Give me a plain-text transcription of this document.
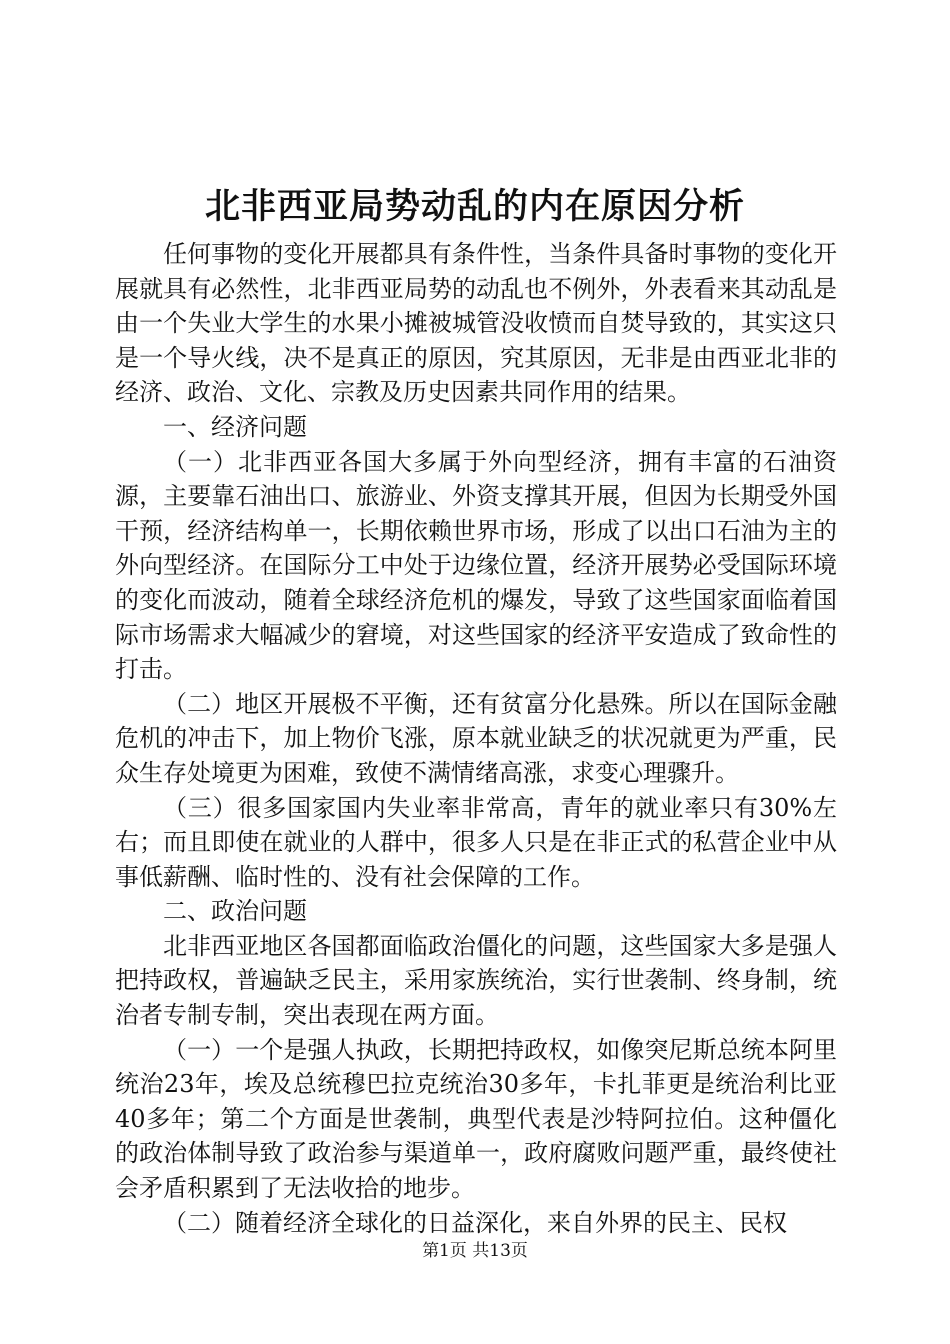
北非西亚局势动乱的内在原因分析

任何事物的变化开展都具有条件性，当条件具备时事物的变化开展就具有必然性，北非西亚局势的动乱也不例外，外表看来其动乱是由一个失业大学生的水果小摊被城管没收愤而自焚导致的，其实这只是一个导火线，决不是真正的原因，究其原因，无非是由西亚北非的经济、政治、文化、宗教及历史因素共同作用的结果。

一、经济问题

（一）北非西亚各国大多属于外向型经济，拥有丰富的石油资源，主要靠石油出口、旅游业、外资支撑其开展，但因为长期受外国干预，经济结构单一，长期依赖世界市场，形成了以出口石油为主的外向型经济。在国际分工中处于边缘位置，经济开展势必受国际环境的变化而波动，随着全球经济危机的爆发，导致了这些国家面临着国际市场需求大幅减少的窘境，对这些国家的经济平安造成了致命性的打击。

（二）地区开展极不平衡，还有贫富分化悬殊。所以在国际金融危机的冲击下，加上物价飞涨，原本就业缺乏的状况就更为严重，民众生存处境更为困难，致使不满情绪高涨，求变心理骤升。

（三）很多国家国内失业率非常高，青年的就业率只有30%左右；而且即使在就业的人群中，很多人只是在非正式的私营企业中从事低薪酬、临时性的、没有社会保障的工作。

二、政治问题

北非西亚地区各国都面临政治僵化的问题，这些国家大多是强人把持政权，普遍缺乏民主，采用家族统治，实行世袭制、终身制，统治者专制专制，突出表现在两方面。

（一）一个是强人执政，长期把持政权，如像突尼斯总统本阿里统治23年，埃及总统穆巴拉克统治30多年，卡扎菲更是统治利比亚40多年；第二个方面是世袭制，典型代表是沙特阿拉伯。这种僵化的政治体制导致了政治参与渠道单一，政府腐败问题严重，最终使社会矛盾积累到了无法收拾的地步。

（二）随着经济全球化的日益深化，来自外界的民主、民权

第1页 共13页
